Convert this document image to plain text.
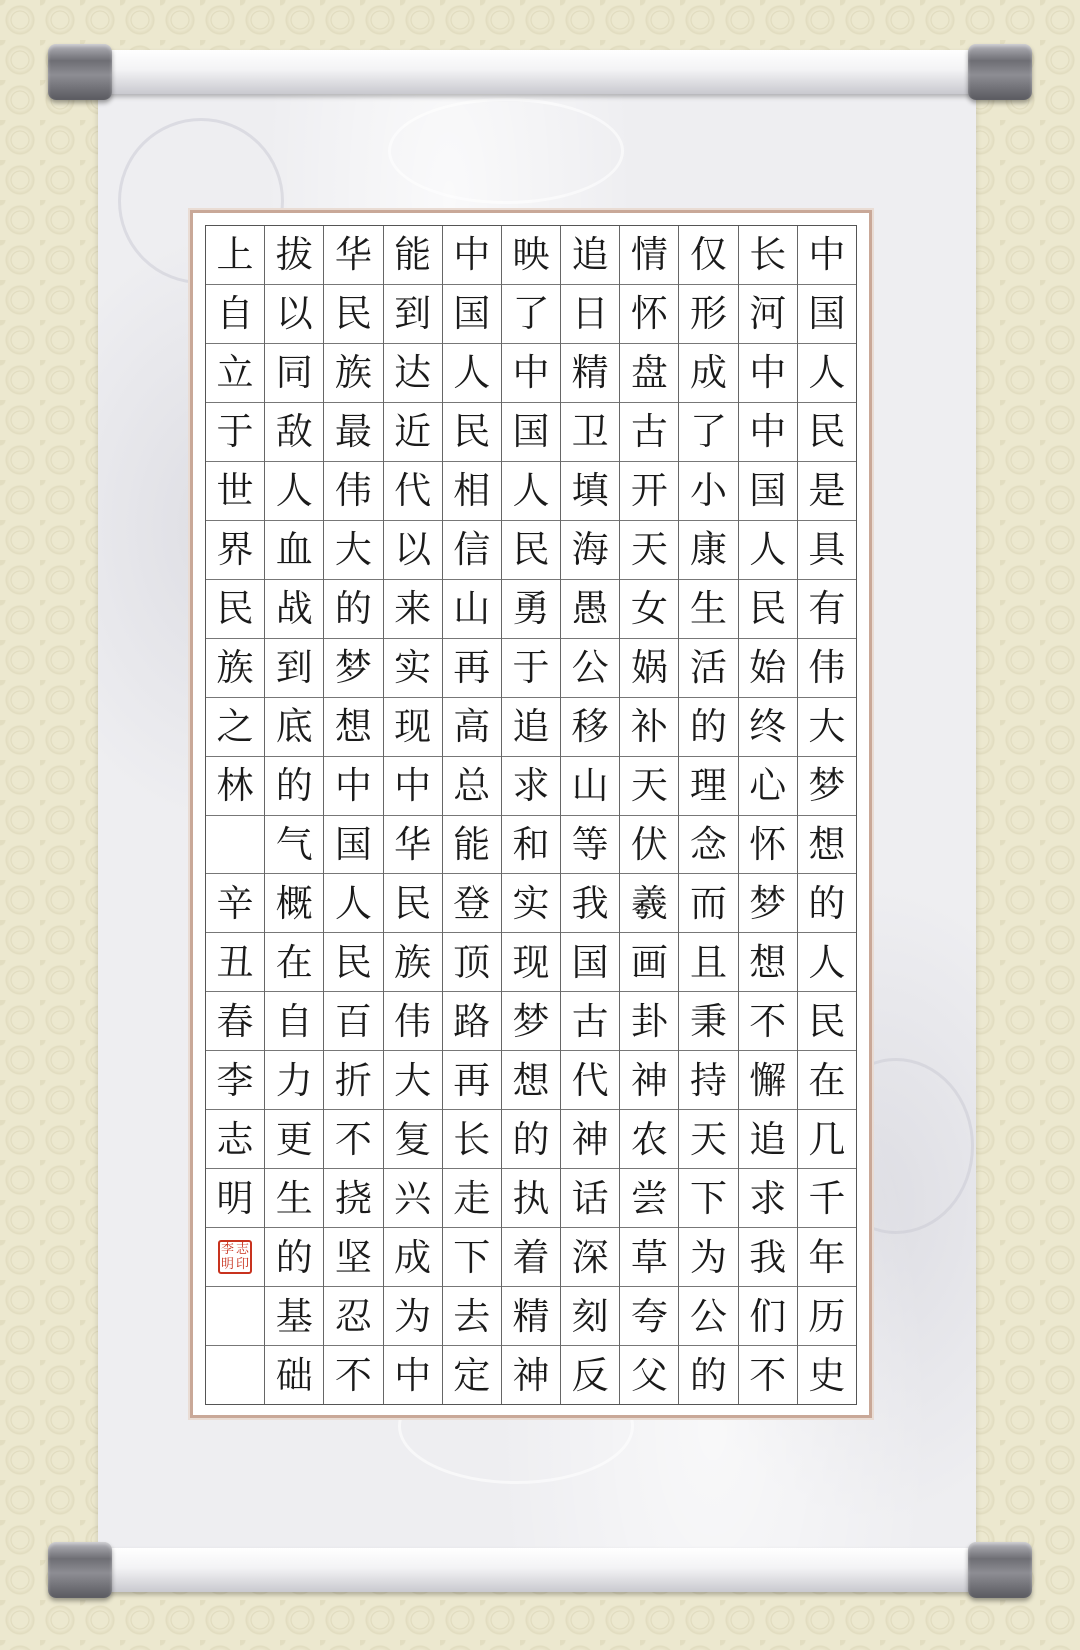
中
国
人
民
是
具
有
伟
大
梦
想
的
人
民
在
几
千
年
历
史
长
河
中
中
国
人
民
始
终
心
怀
梦
想
不
懈
追
求
我
们
不
仅
形
成
了
小
康
生
活
的
理
念
而
且
秉
持
天
下
为
公
的
情
怀
盘
古
开
天
女
娲
补
天
伏
羲
画
卦
神
农
尝
草
夸
父
追
日
精
卫
填
海
愚
公
移
山
等
我
国
古
代
神
话
深
刻
反
映
了
中
国
人
民
勇
于
追
求
和
实
现
梦
想
的
执
着
精
神
中
国
人
民
相
信
山
再
高
总
能
登
顶
路
再
长
走
下
去
定
能
到
达
近
代
以
来
实
现
中
华
民
族
伟
大
复
兴
成
为
中
华
民
族
最
伟
大
的
梦
想
中
国
人
民
百
折
不
挠
坚
忍
不
拔
以
同
敌
人
血
战
到
底
的
气
概
在
自
力
更
生
的
基
础
上
自
立
于
世
界
民
族
之
林
辛
丑
春
李
志
明
李 志
明 印
